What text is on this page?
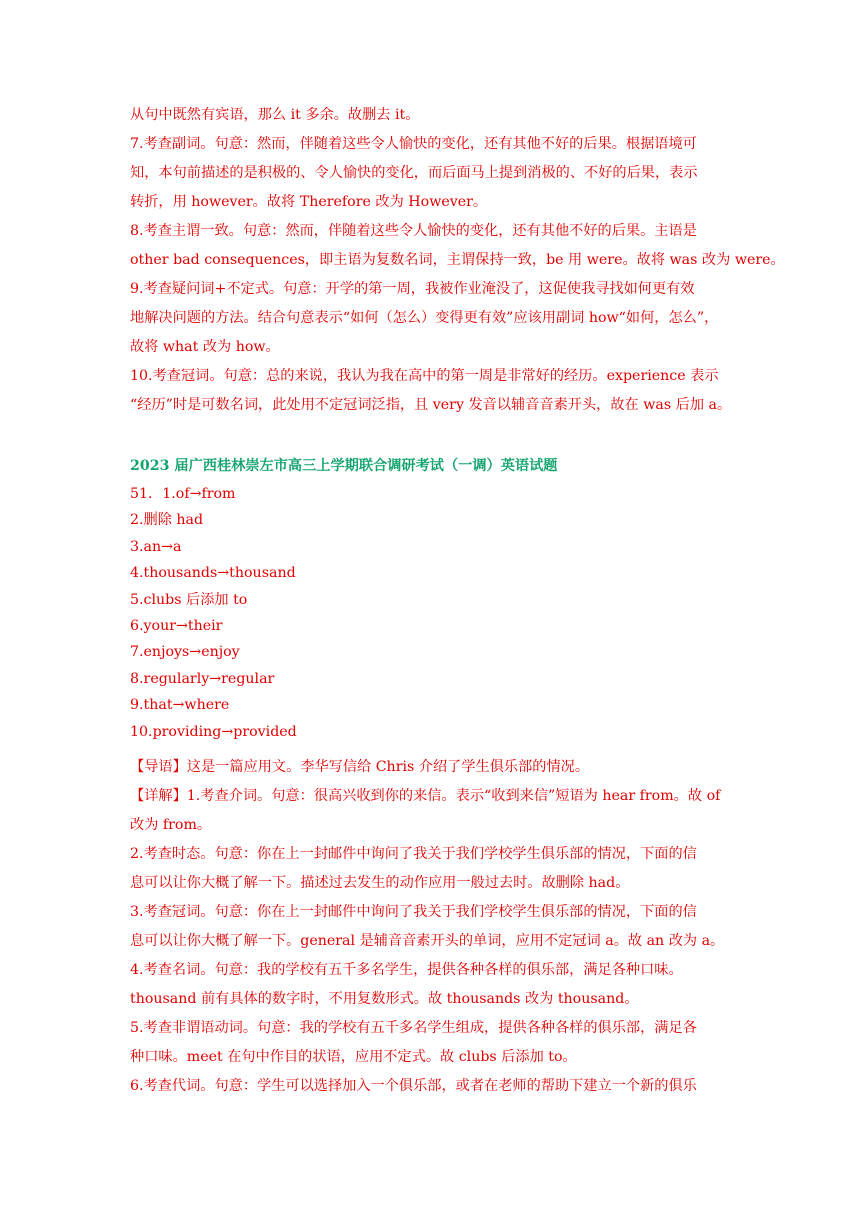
从句中既然有宾语，那么 it 多余。故删去 it。
7.考查副词。句意：然而，伴随着这些令人愉快的变化，还有其他不好的后果。根据语境可
知，本句前描述的是积极的、令人愉快的变化，而后面马上提到消极的、不好的后果，表示
转折，用 however。故将 Therefore 改为 However。
8.考查主谓一致。句意：然而，伴随着这些令人愉快的变化，还有其他不好的后果。主语是
other bad consequences，即主语为复数名词，主谓保持一致，be 用 were。故将 was 改为 were。
9.考查疑问词+不定式。句意：开学的第一周，我被作业淹没了，这促使我寻找如何更有效
地解决问题的方法。结合句意表示“如何（怎么）变得更有效”应该用副词 how“如何，怎么”，
故将 what 改为 how。
10.考查冠词。句意：总的来说，我认为我在高中的第一周是非常好的经历。experience 表示
“经历”时是可数名词，此处用不定冠词泛指，且 very 发音以辅音音素开头，故在 was 后加 a。
2023 届广西桂林崇左市高三上学期联合调研考试（一调）英语试题
51．1.of→from
2.删除 had
3.an→a
4.thousands→thousand
5.clubs 后添加 to
6.your→their
7.enjoys→enjoy
8.regularly→regular
9.that→where
10.providing→provided
【导语】这是一篇应用文。李华写信给 Chris 介绍了学生俱乐部的情况。
【详解】1.考查介词。句意：很高兴收到你的来信。表示“收到来信”短语为 hear from。故 of
改为 from。
2.考查时态。句意：你在上一封邮件中询问了我关于我们学校学生俱乐部的情况，下面的信
息可以让你大概了解一下。描述过去发生的动作应用一般过去时。故删除 had。
3.考查冠词。句意：你在上一封邮件中询问了我关于我们学校学生俱乐部的情况，下面的信
息可以让你大概了解一下。general 是辅音音素开头的单词，应用不定冠词 a。故 an 改为 a。
4.考查名词。句意：我的学校有五千多名学生，提供各种各样的俱乐部，满足各种口味。
thousand 前有具体的数字时，不用复数形式。故 thousands 改为 thousand。
5.考查非谓语动词。句意：我的学校有五千多名学生组成，提供各种各样的俱乐部，满足各
种口味。meet 在句中作目的状语，应用不定式。故 clubs 后添加 to。
6.考查代词。句意：学生可以选择加入一个俱乐部，或者在老师的帮助下建立一个新的俱乐
